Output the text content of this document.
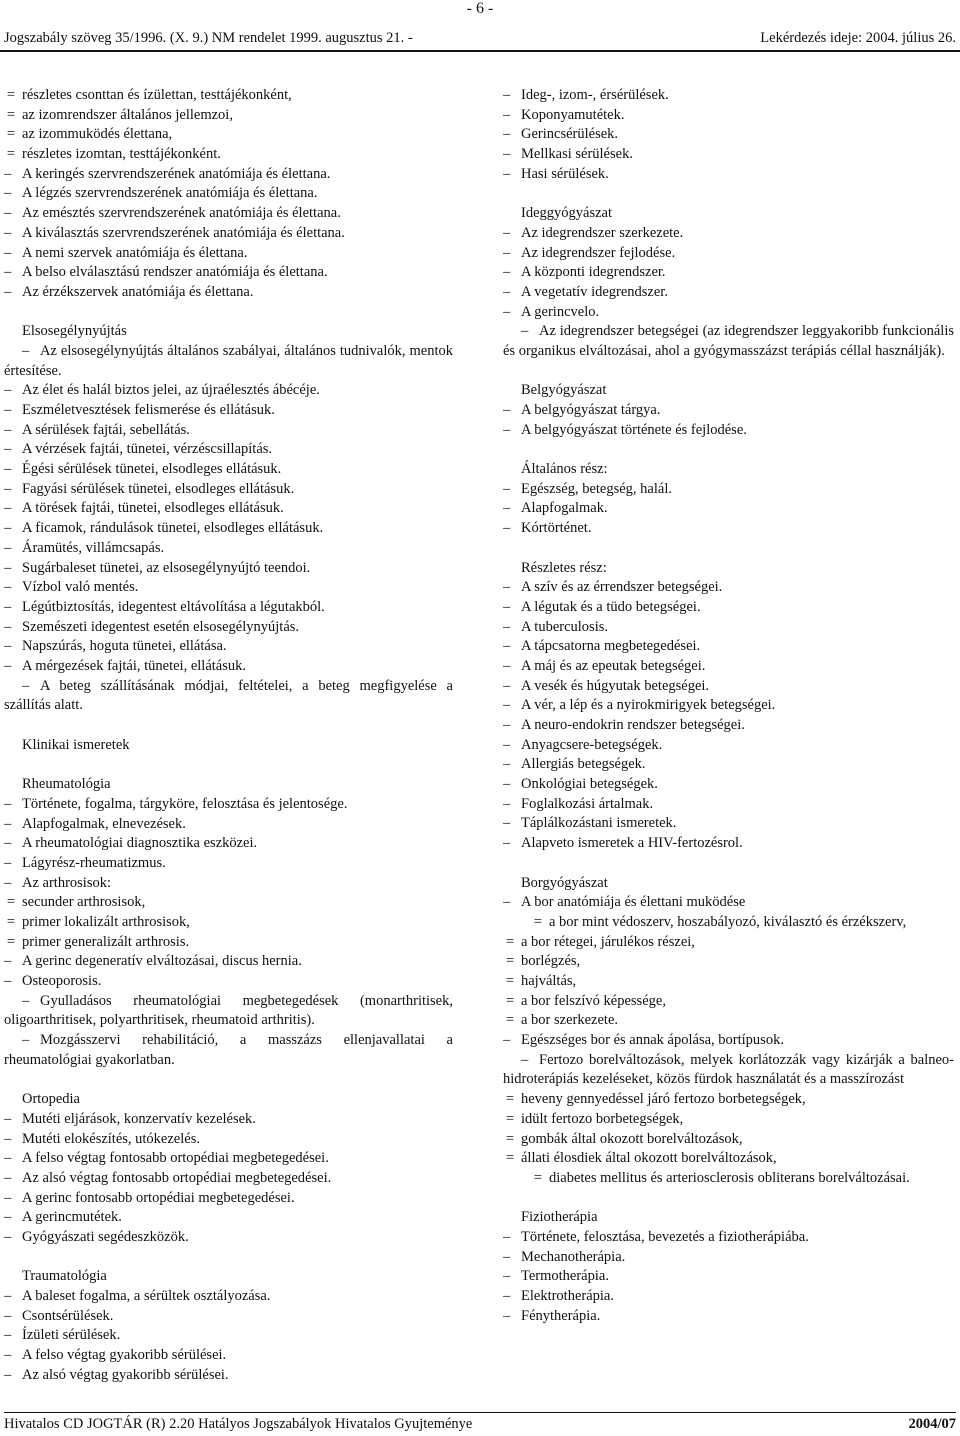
- 6 -
Jogszabály szöveg 35/1996. (X. 9.) NM rendelet 1999. augusztus 21. -	Lekérdezés ideje: 2004. július 26.
= részletes csonttan és ízülettan, testtájékonként,
= az izomrendszer általános jellemzoi,
= az izommuködés élettana,
= részletes izomtan, testtájékonként.
– A keringés szervrendszerének anatómiája és élettana.
– A légzés szervrendszerének anatómiája és élettana.
– Az emésztés szervrendszerének anatómiája és élettana.
– A kiválasztás szervrendszerének anatómiája és élettana.
– A nemi szervek anatómiája és élettana.
– A belso elválasztású rendszer anatómiája és élettana.
– Az érzékszervek anatómiája és élettana.
Elsosegélynyújtás
– Az elsosegélynyújtás általános szabályai, általános tudnivalók, mentok értesítése.
– Az élet és halál biztos jelei, az újraélesztés ábécéje.
– Eszméletvesztések felismerése és ellátásuk.
– A sérülések fajtái, sebellátás.
– A vérzések fajtái, tünetei, vérzéscsillapítás.
– Égési sérülések tünetei, elsodleges ellátásuk.
– Fagyási sérülések tünetei, elsodleges ellátásuk.
– A törések fajtái, tünetei, elsodleges ellátásuk.
– A ficamok, rándulások tünetei, elsodleges ellátásuk.
– Áramütés, villámcsapás.
– Sugárbaleset tünetei, az elsosegélynyújtó teendoi.
– Vízbol való mentés.
– Légútbiztosítás, idegentest eltávolítása a légutakból.
– Szemészeti idegentest esetén elsosegélynyújtás.
– Napszúrás, hoguta tünetei, ellátása.
– A mérgezések fajtái, tünetei, ellátásuk.
– A beteg szállításának módjai, feltételei, a beteg megfigyelése a szállítás alatt.
Klinikai ismeretek
Rheumatológia
– Története, fogalma, tárgyköre, felosztása és jelentosége.
– Alapfogalmak, elnevezések.
– A rheumatológiai diagnosztika eszközei.
– Lágyrész-rheumatizmus.
– Az arthrosisok:
= secunder arthrosisok,
= primer lokalizált arthrosisok,
= primer generalizált arthrosis.
– A gerinc degeneratív elváltozásai, discus hernia.
– Osteoporosis.
– Gyulladásos rheumatológiai megbetegedések (monarthritisek, oligoarthritisek, polyarthritisek, rheumatoid arthritis).
– Mozgásszervi rehabilitáció, a masszázs ellenjavallatai a rheumatológiai gyakorlatban.
Ortopedia
– Mutéti eljárások, konzervatív kezelések.
– Mutéti elokészítés, utókezelés.
– A felso végtag fontosabb ortopédiai megbetegedései.
– Az alsó végtag fontosabb ortopédiai megbetegedései.
– A gerinc fontosabb ortopédiai megbetegedései.
– A gerincmutétek.
– Gyógyászati segédeszközök.
Traumatológia
– A baleset fogalma, a sérültek osztályozása.
– Csontsérülések.
– Ízületi sérülések.
– A felso végtag gyakoribb sérülései.
– Az alsó végtag gyakoribb sérülései.
– Ideg-, izom-, érsérülések.
– Koponyamutétek.
– Gerincsérülések.
– Mellkasi sérülések.
– Hasi sérülések.
Ideggyógyászat
– Az idegrendszer szerkezete.
– Az idegrendszer fejlodése.
– A központi idegrendszer.
– A vegetatív idegrendszer.
– A gerincvelo.
– Az idegrendszer betegségei (az idegrendszer leggyakoribb funkcionális és organikus elváltozásai, ahol a gyógymasszázst terápiás céllal használják).
Belgyógyászat
– A belgyógyászat tárgya.
– A belgyógyászat története és fejlodése.
Általános rész:
– Egészség, betegség, halál.
– Alapfogalmak.
– Kórtörténet.
Részletes rész:
– A szív és az érrendszer betegségei.
– A légutak és a tüdo betegségei.
– A tuberculosis.
– A tápcsatorna megbetegedései.
– A máj és az epeutak betegségei.
– A vesék és húgyutak betegségei.
– A vér, a lép és a nyirokmirigyek betegségei.
– A neuro-endokrin rendszer betegségei.
– Anyagcsere-betegségek.
– Allergiás betegségek.
– Onkológiai betegségek.
– Foglalkozási ártalmak.
– Táplálkozástani ismeretek.
– Alapveto ismeretek a HIV-fertozésrol.
Borgyógyászat
– A bor anatómiája és élettani muködése
= a bor mint védoszerv, hoszabályozó, kiválasztó és érzékszerv,
= a bor rétegei, járulékos részei,
= borlégzés,
= hajváltás,
= a bor felszívó képessége,
= a bor szerkezete.
– Egészséges bor és annak ápolása, bortípusok.
– Fertozo borelváltozások, melyek korlátozzák vagy kizárják a balneo-hidroterápiás kezeléseket, közös fürdok használatát és a masszírozást
= heveny gennyedéssel járó fertozo borbetegségek,
= idült fertozo borbetegségek,
= gombák által okozott borelváltozások,
= állati élosdiek által okozott borelváltozások,
= diabetes mellitus és arteriosclerosis obliterans borelváltozásai.
Fiziotherápia
– Története, felosztása, bevezetés a fiziotherápiába.
– Mechanotherápia.
– Termotherápia.
– Elektrotherápia.
– Fénytherápia.
Hivatalos CD JOGTÁR (R) 2.20 Hatályos Jogszabályok Hivatalos Gyujteménye	2004/07
